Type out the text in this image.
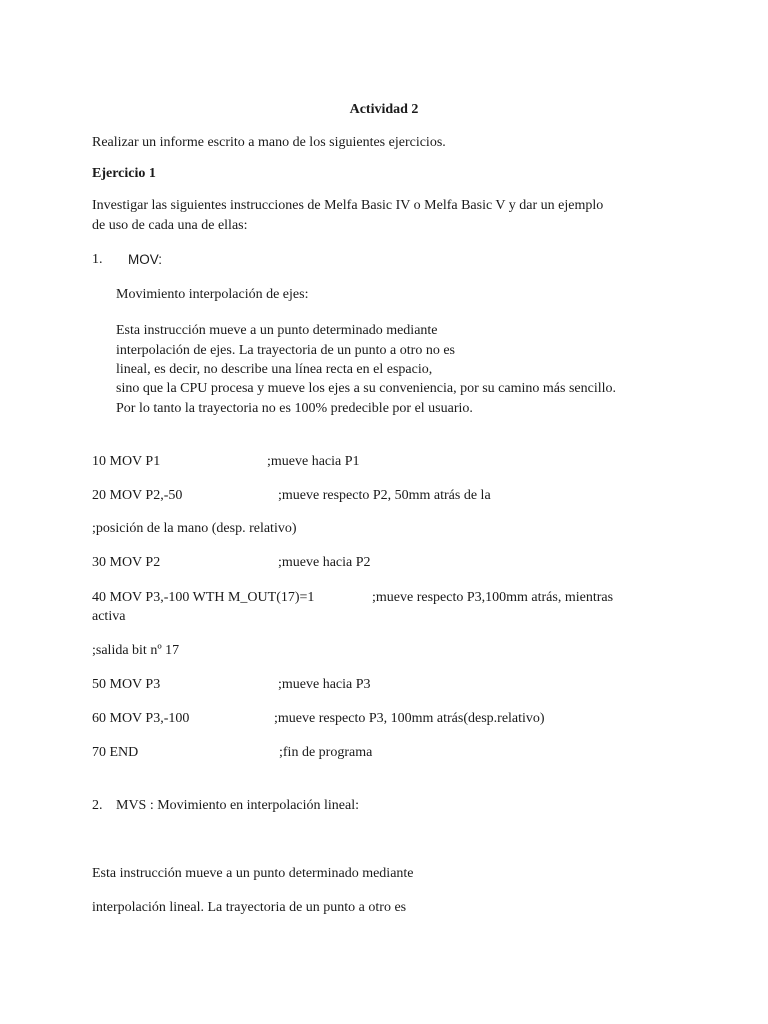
Actividad 2
Realizar un informe escrito a mano de los siguientes ejercicios.
Ejercicio 1
Investigar las siguientes instrucciones de Melfa Basic IV o Melfa Basic V y dar un ejemplo
de uso de cada una de ellas:
1. MOV:
Movimiento interpolación de ejes:
Esta instrucción mueve a un punto determinado mediante
interpolación de ejes. La trayectoria de un punto a otro no es
lineal, es decir, no describe una línea recta en el espacio,
sino que la CPU procesa y mueve los ejes a su conveniencia, por su camino más sencillo.
Por lo tanto la trayectoria no es 100% predecible por el usuario.
10 MOV P1	;mueve hacia P1
20 MOV P2,-50	;mueve respecto P2, 50mm atrás de la
;posición de la mano (desp. relativo)
30 MOV P2	;mueve hacia P2
40 MOV P3,-100 WTH M_OUT(17)=1	;mueve respecto P3,100mm atrás, mientras
activa
;salida bit nº 17
50 MOV P3	;mueve hacia P3
60 MOV P3,-100	;mueve respecto P3, 100mm atrás(desp.relativo)
70 END	;fin de programa
2. MVS : Movimiento en interpolación lineal:
Esta instrucción mueve a un punto determinado mediante
interpolación lineal. La trayectoria de un punto a otro es
